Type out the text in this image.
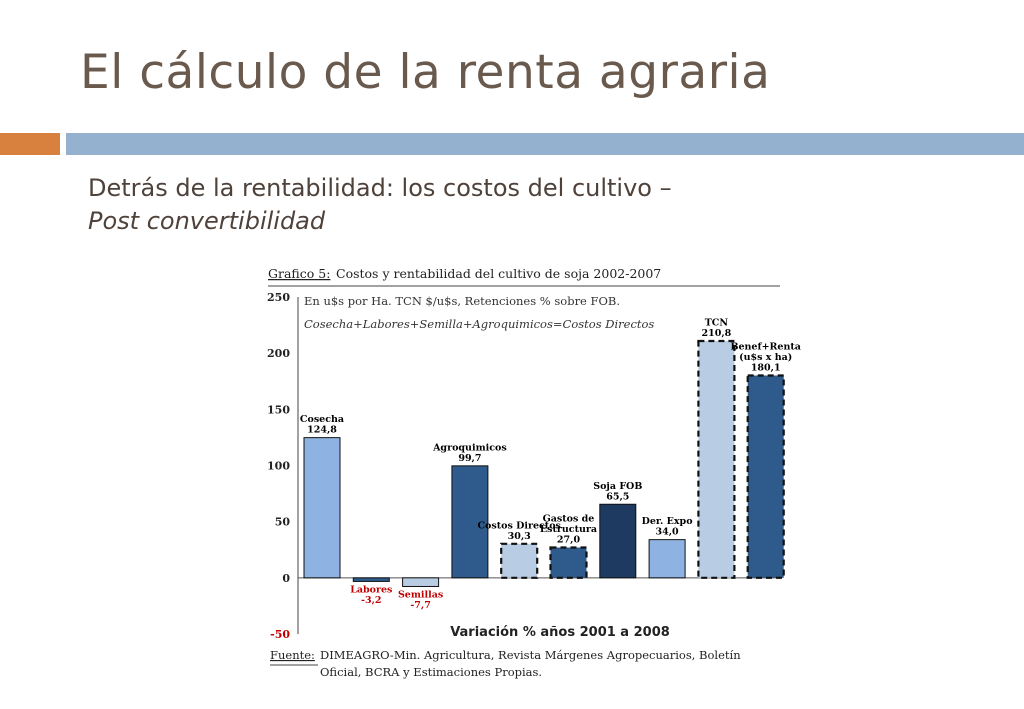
El cálculo de la renta agraria
Detrás de la rentabilidad: los costos del cultivo –
Post convertibilidad
Grafico 5: Costos y rentabilidad del cultivo de soja 2002-2007
En u$s por Ha. TCN $/u$s, Retenciones % sobre FOB.
Cosecha+Labores+Semilla+Agroquimicos=Costos Directos
250
200
150
100
50
0
-50
Cosecha
124,8
Labores
-3,2 Semillas
-7,7
Agroquimicos
99,7
Costos Directos
30,3
Gastos de
Estructura
27,0
Soja FOB
65,5
Der. Expo
34,0
TCN
210,8
Benef+Renta
(u$s x ha)
180,1
Variación % años 2001 a 2008
Fuente: DIMEAGRO-Min. Agricultura, Revista Márgenes Agropecuarios, Boletín
Oficial, BCRA y Estimaciones Propias.
